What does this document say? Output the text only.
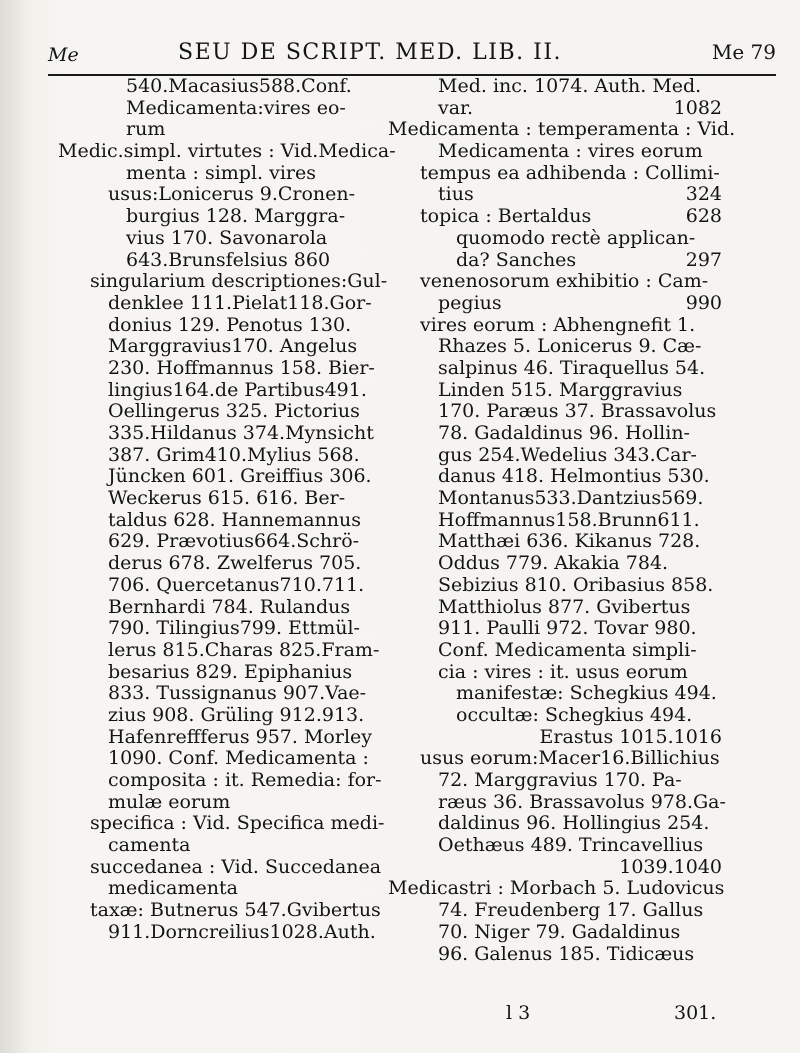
Me	SEU DE SCRIPT. MED. LIB. II.	Me 79
540.Macasius588.Conf.
Medicamenta:vires eo-
rum
Medic.simpl. virtutes : Vid.Medica-
menta : simpl. vires
usus:Lonicerus 9.Cronen-
burgius 128. Marggra-
vius 170. Savonarola
643.Brunsfelsius 860
singularium descriptiones:Gul-
denklee 111.Pielat118.Gor-
donius 129. Penotus 130.
Marggravius170. Angelus
230. Hoffmannus 158. Bier-
lingius164.de Partibus491.
Oellingerus 325. Pictorius
335.Hildanus 374.Mynsicht
387. Grim410.Mylius 568.
Jüncken 601. Greiffius 306.
Weckerus 615. 616. Ber-
taldus 628. Hannemannus
629. Prævotius664.Schrö-
derus 678. Zwelferus 705.
706. Quercetanus710.711.
Bernhardi 784. Rulandus
790. Tilingius799. Ettmül-
lerus 815.Charas 825.Fram-
besarius 829. Epiphanius
833. Tussignanus 907.Vae-
zius 908. Grüling 912.913.
Hafenreffferus 957. Morley
1090. Conf. Medicamenta :
composita : it. Remedia: for-
mulæ eorum
specifica : Vid. Specifica medi-
camenta
succedanea : Vid. Succedanea
medicamenta
taxæ: Butnerus 547.Gvibertus
911.Dorncreilius1028.Auth.
Med. inc. 1074. Auth. Med.
var.	1082
Medicamenta : temperamenta : Vid.
Medicamenta : vires eorum
tempus ea adhibenda : Collimi-
tius	324
topica : Bertaldus	628
quomodo rectè applican-
da? Sanches	297
venenosorum exhibitio : Cam-
pegius	990
vires eorum : Abhengnefit 1.
Rhazes 5. Lonicerus 9. Cæ-
salpinus 46. Tiraquellus 54.
Linden 515. Marggravius
170. Paræus 37. Brassavolus
78. Gadaldinus 96. Hollin-
gus 254.Wedelius 343.Car-
danus 418. Helmontius 530.
Montanus533.Dantzius569.
Hoffmannus158.Brunn611.
Matthæi 636. Kikanus 728.
Oddus 779. Akakia 784.
Sebizius 810. Oribasius 858.
Matthiolus 877. Gvibertus
911. Paulli 972. Tovar 980.
Conf. Medicamenta simpli-
cia : vires : it. usus eorum
manifestæ: Schegkius 494.
occultæ: Schegkius 494.
Erastus 1015.1016
usus eorum:Macer16.Billichius
72. Marggravius 170. Pa-
ræus 36. Brassavolus 978.Ga-
daldinus 96. Hollingius 254.
Oethæus 489. Trincavellius
1039.1040
Medicastri : Morbach 5. Ludovicus
74. Freudenberg 17. Gallus
70. Niger 79. Gadaldinus
96. Galenus 185. Tidicæus
l 3	301.
